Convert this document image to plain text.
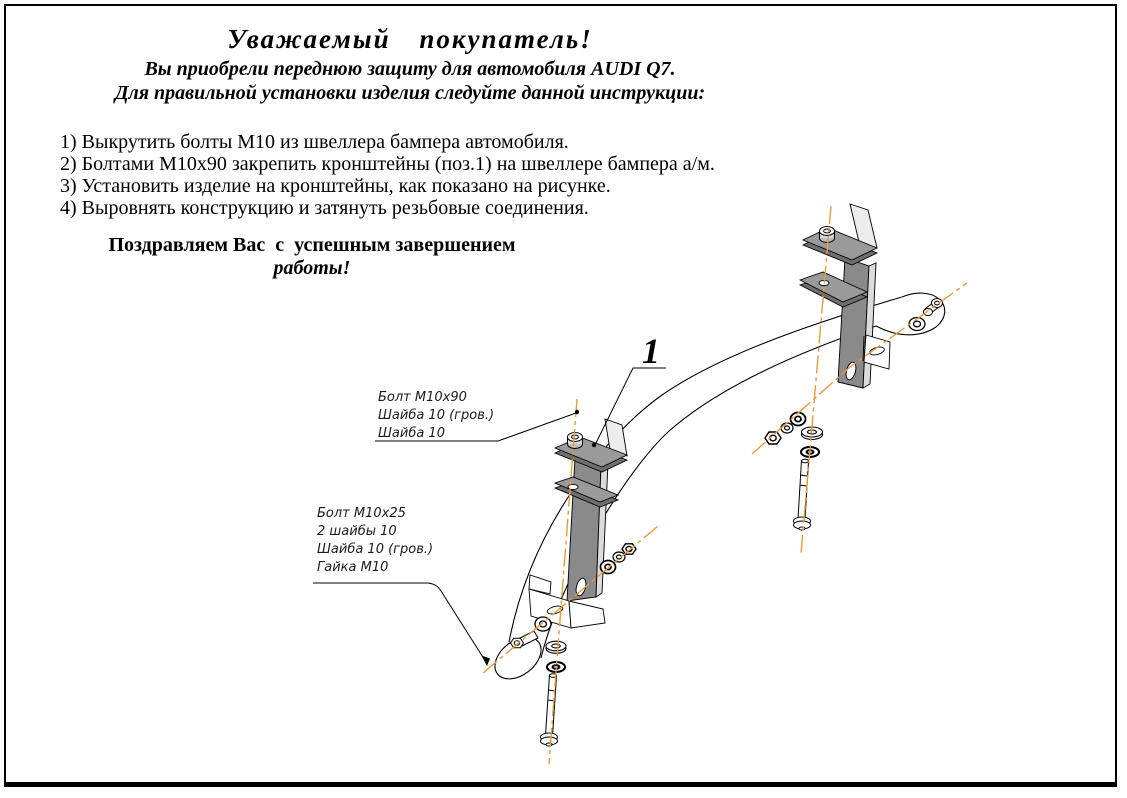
Уважаемый покупатель!
Вы приобрели переднюю защиту для автомобиля AUDI Q7.
Для правильной установки изделия следуйте данной инструкции:
1) Выкрутить болты М10 из швеллера бампера автомобиля.
2) Болтами М10х90 закрепить кронштейны (поз.1) на швеллере бампера а/м.
3) Установить изделие на кронштейны, как показано на рисунке.
4) Выровнять конструкцию и затянуть резьбовые соединения.
Поздравляем Вас  с  успешным завершением
работы!
1
Болт М10х90
Шайба 10 (гров.)
Шайба 10
Болт М10х25
2 шайбы 10
Шайба 10 (гров.)
Гайка М10
